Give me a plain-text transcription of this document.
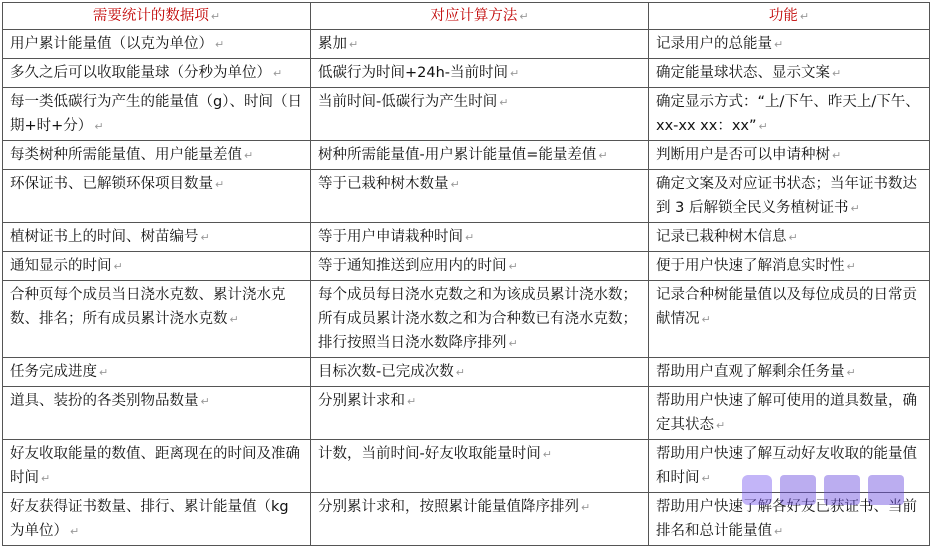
需要统计的数据项 ↵	对应计算方法 ↵	功能 ↵
用户累计能量值（以克为单位） ↵	累加 ↵	记录用户的总能量 ↵
多久之后可以收取能量球（分秒为单位） ↵	低碳行为时间+24h-当前时间 ↵	确定能量球状态、显示文案 ↵
每一类低碳行为产生的能量值（g）、时间（日期+时+分） ↵	当前时间-低碳行为产生时间 ↵	确定显示方式：“上/下午、昨天上/下午、xx-xx xx：xx” ↵
每类树种所需能量值、用户能量差值 ↵	树种所需能量值-用户累计能量值=能量差值 ↵	判断用户是否可以申请种树 ↵
环保证书、已解锁环保项目数量 ↵	等于已栽种树木数量 ↵	确定文案及对应证书状态；当年证书数达到 3 后解锁全民义务植树证书 ↵
植树证书上的时间、树苗编号 ↵	等于用户申请栽种时间 ↵	记录已栽种树木信息 ↵
通知显示的时间 ↵	等于通知推送到应用内的时间 ↵	便于用户快速了解消息实时性 ↵
合种页每个成员当日浇水克数、累计浇水克数、排名；所有成员累计浇水克数 ↵	每个成员每日浇水克数之和为该成员累计浇水数；所有成员累计浇水数之和为合种数已有浇水克数；排行按照当日浇水数降序排列 ↵	记录合种树能量值以及每位成员的日常贡献情况 ↵
任务完成进度 ↵	目标次数-已完成次数 ↵	帮助用户直观了解剩余任务量 ↵
道具、装扮的各类别物品数量 ↵	分别累计求和 ↵	帮助用户快速了解可使用的道具数量，确定其状态 ↵
好友收取能量的数值、距离现在的时间及准确时间 ↵	计数，当前时间-好友收取能量时间 ↵	帮助用户快速了解互动好友收取的能量值和时间 ↵
好友获得证书数量、排行、累计能量值（kg 为单位） ↵	分别累计求和，按照累计能量值降序排列 ↵	帮助用户快速了解各好友已获证书、当前排名和总计能量值 ↵
